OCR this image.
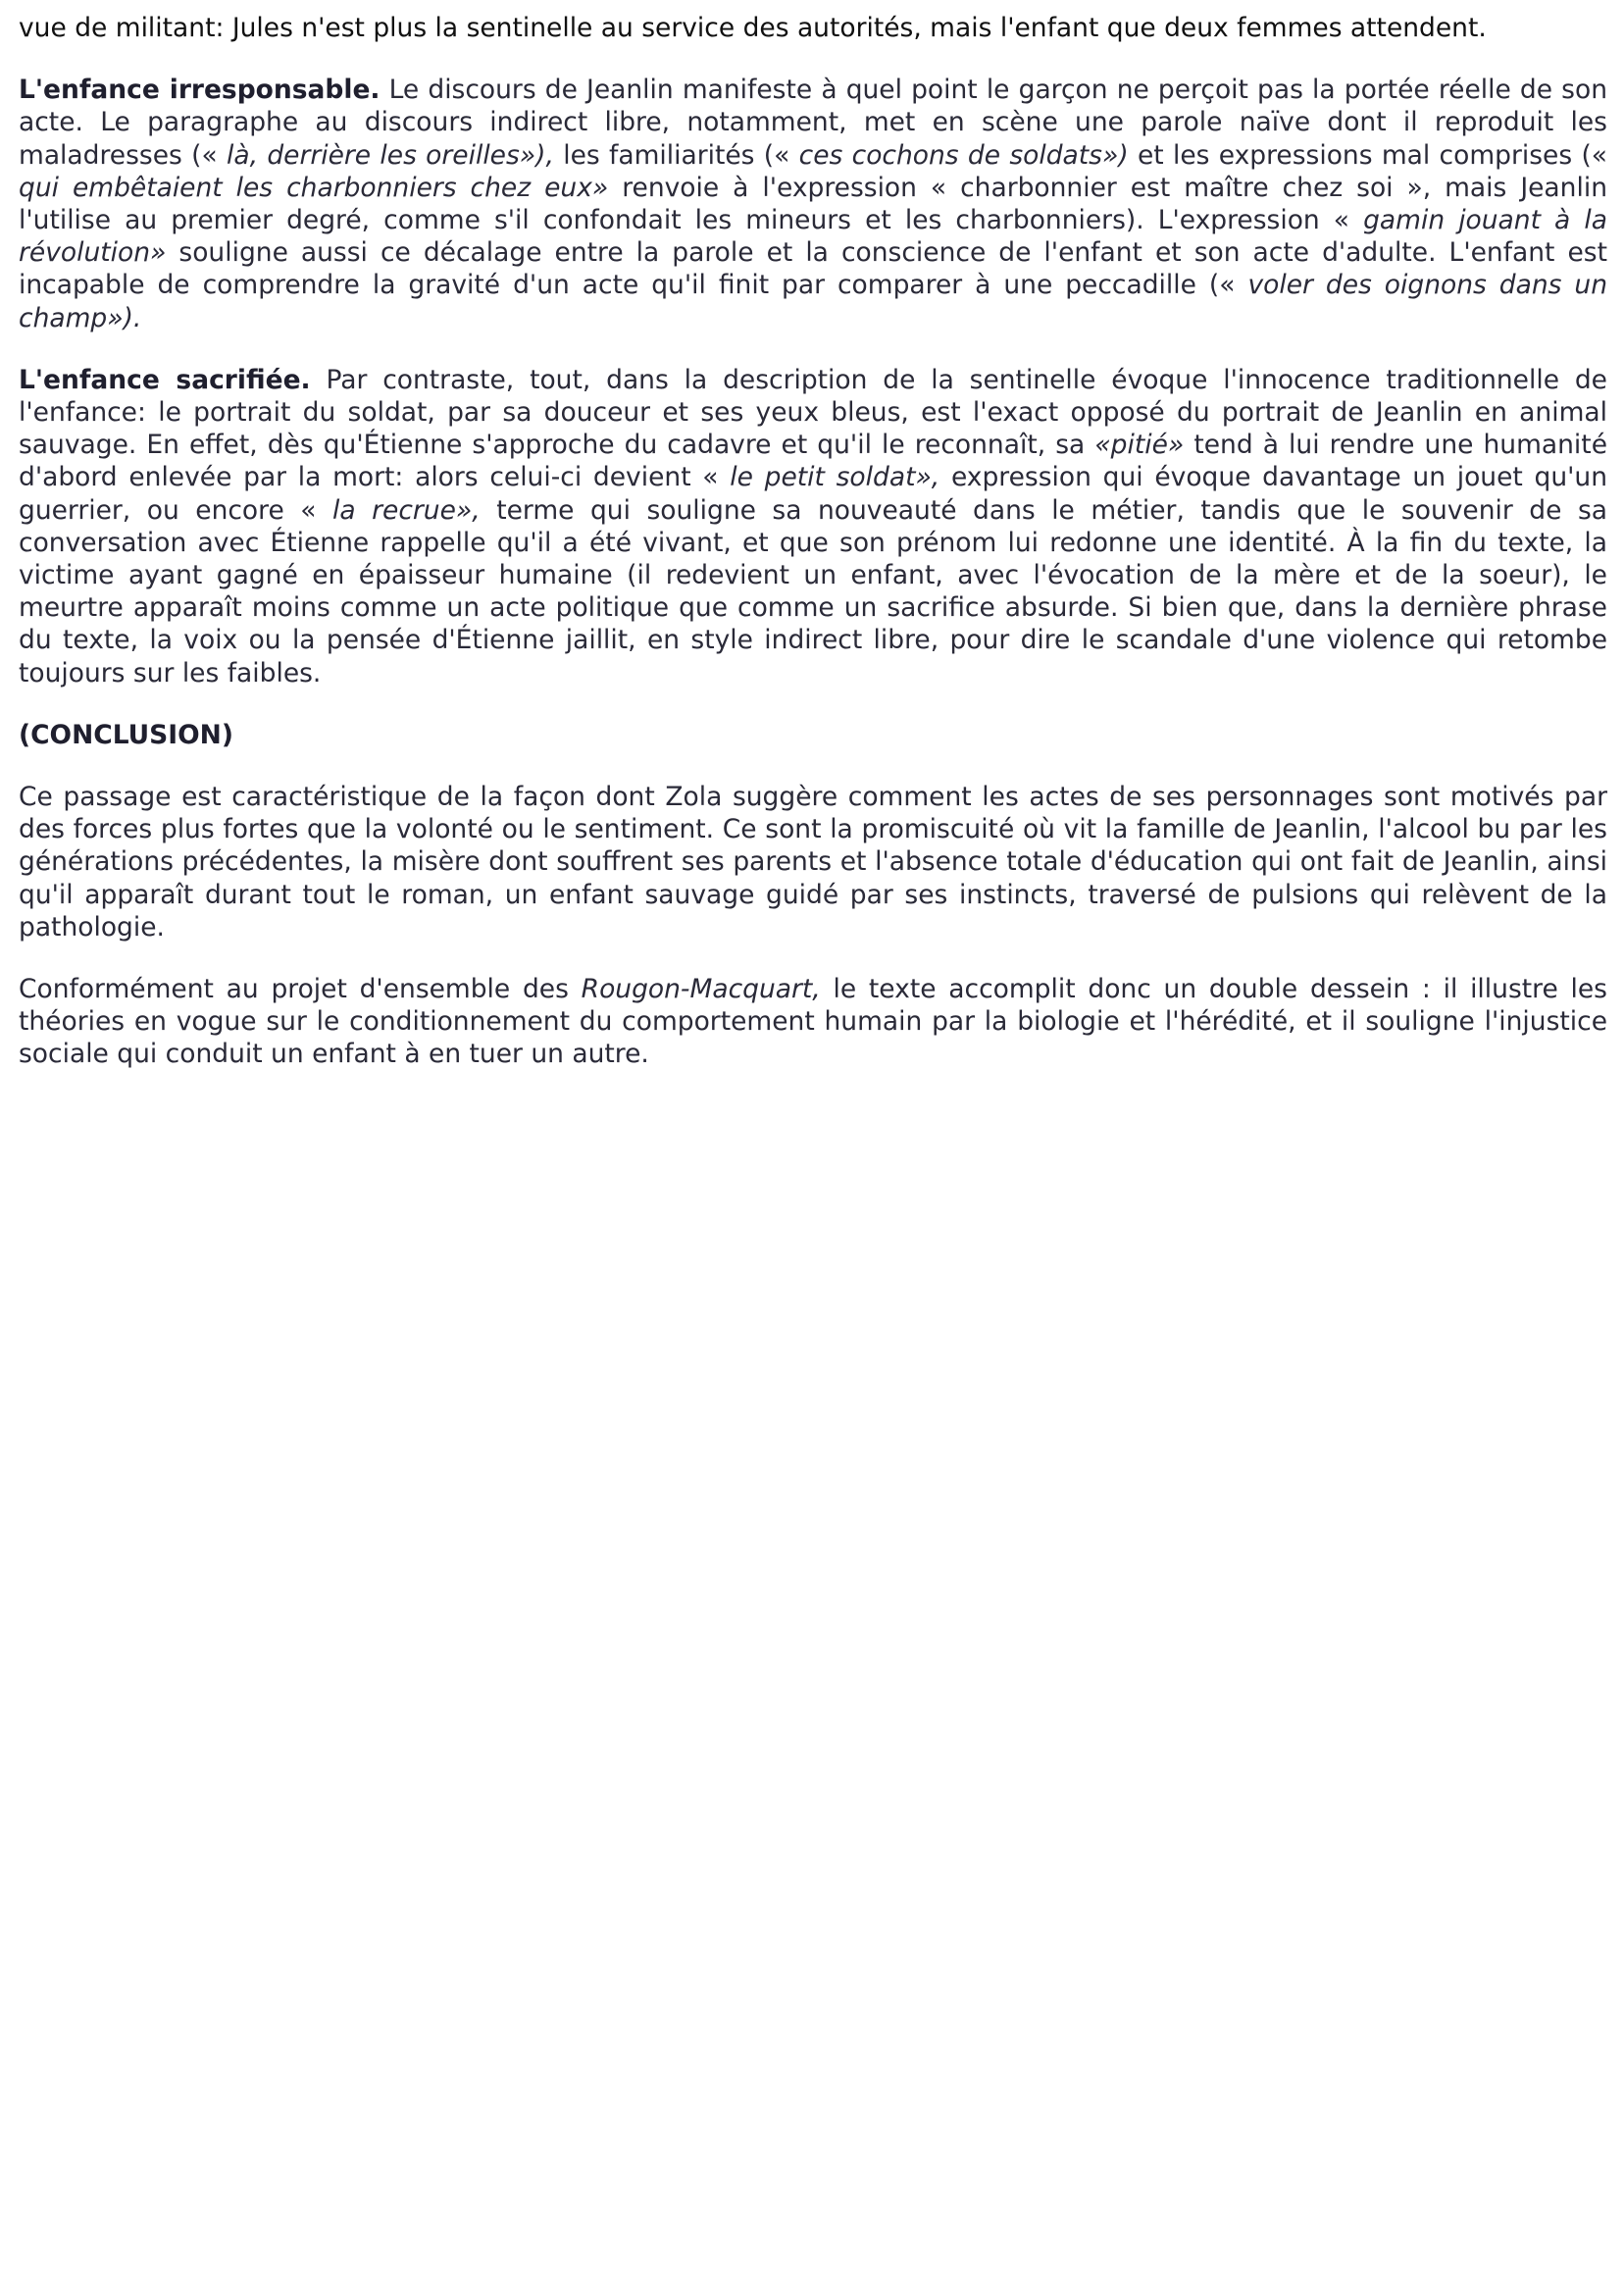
vue de militant: Jules n'est plus la sentinelle au service des autorités, mais l'enfant que deux femmes attendent.

L'enfance irresponsable. Le discours de Jeanlin manifeste à quel point le garçon ne perçoit pas la portée réelle de son acte. Le paragraphe au discours indirect libre, notamment, met en scène une parole naïve dont il reproduit les maladresses (« là, derrière les oreilles»), les familiarités (« ces cochons de soldats») et les expressions mal comprises (« qui embêtaient les charbonniers chez eux» renvoie à l'expression « charbonnier est maître chez soi », mais Jeanlin l'utilise au premier degré, comme s'il confondait les mineurs et les charbonniers). L'expression « gamin jouant à la révolution» souligne aussi ce décalage entre la parole et la conscience de l'enfant et son acte d'adulte. L'enfant est incapable de comprendre la gravité d'un acte qu'il finit par comparer à une peccadille (« voler des oignons dans un champ»).

L'enfance sacrifiée. Par contraste, tout, dans la description de la sentinelle évoque l'innocence traditionnelle de l'enfance: le portrait du soldat, par sa douceur et ses yeux bleus, est l'exact opposé du portrait de Jeanlin en animal sauvage. En effet, dès qu'Étienne s'approche du cadavre et qu'il le reconnaît, sa «pitié» tend à lui rendre une humanité d'abord enlevée par la mort: alors celui-ci devient « le petit soldat», expression qui évoque davantage un jouet qu'un guerrier, ou encore « la recrue», terme qui souligne sa nouveauté dans le métier, tandis que le souvenir de sa conversation avec Étienne rappelle qu'il a été vivant, et que son prénom lui redonne une identité. À la fin du texte, la victime ayant gagné en épaisseur humaine (il redevient un enfant, avec l'évocation de la mère et de la soeur), le meurtre apparaît moins comme un acte politique que comme un sacrifice absurde. Si bien que, dans la dernière phrase du texte, la voix ou la pensée d'Étienne jaillit, en style indirect libre, pour dire le scandale d'une violence qui retombe toujours sur les faibles.

(CONCLUSION)

Ce passage est caractéristique de la façon dont Zola suggère comment les actes de ses personnages sont motivés par des forces plus fortes que la volonté ou le sentiment. Ce sont la promiscuité où vit la famille de Jeanlin, l'alcool bu par les générations précédentes, la misère dont souffrent ses parents et l'absence totale d'éducation qui ont fait de Jeanlin, ainsi qu'il apparaît durant tout le roman, un enfant sauvage guidé par ses instincts, traversé de pulsions qui relèvent de la pathologie.

Conformément au projet d'ensemble des Rougon-Macquart, le texte accomplit donc un double dessein : il illustre les théories en vogue sur le conditionnement du comportement humain par la biologie et l'hérédité, et il souligne l'injustice sociale qui conduit un enfant à en tuer un autre.
